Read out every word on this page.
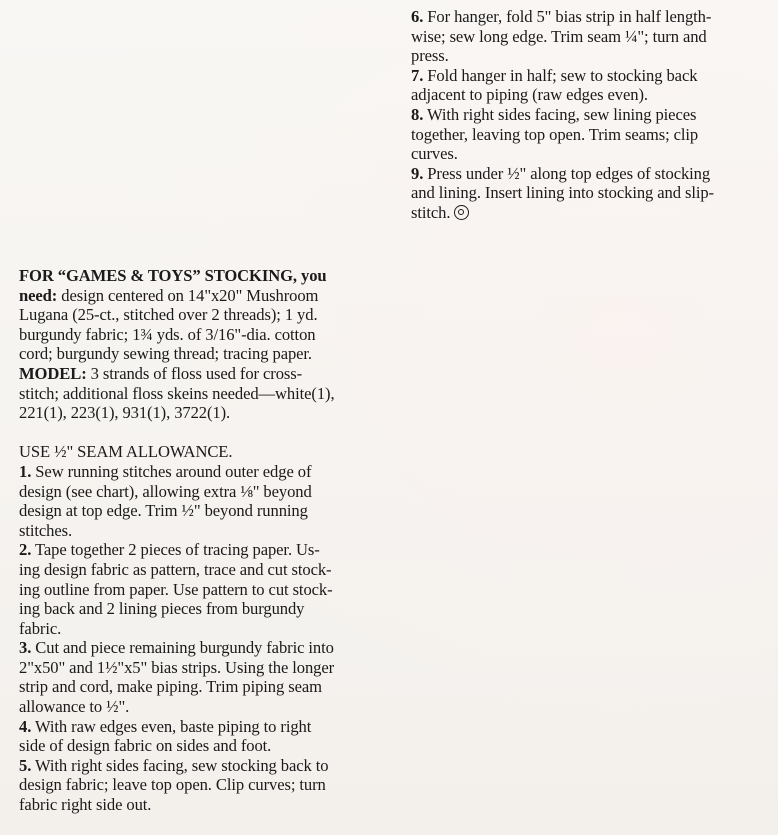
6. For hanger, fold 5" bias strip in half length-
wise; sew long edge. Trim seam ¼"; turn and
press.
7. Fold hanger in half; sew to stocking back
adjacent to piping (raw edges even).
8. With right sides facing, sew lining pieces
together, leaving top open. Trim seams; clip
curves.
9. Press under ½" along top edges of stocking
and lining. Insert lining into stocking and slip-
stitch.
FOR “GAMES & TOYS” STOCKING, you
need: design centered on 14"x20" Mushroom
Lugana (25-ct., stitched over 2 threads); 1 yd.
burgundy fabric; 1¾ yds. of 3/16"-dia. cotton
cord; burgundy sewing thread; tracing paper.
MODEL: 3 strands of floss used for cross-
stitch; additional floss skeins needed—white(1),
221(1), 223(1), 931(1), 3722(1).
USE ½" SEAM ALLOWANCE.
1. Sew running stitches around outer edge of
design (see chart), allowing extra ⅛" beyond
design at top edge. Trim ½" beyond running
stitches.
2. Tape together 2 pieces of tracing paper. Us-
ing design fabric as pattern, trace and cut stock-
ing outline from paper. Use pattern to cut stock-
ing back and 2 lining pieces from burgundy
fabric.
3. Cut and piece remaining burgundy fabric into
2"x50" and 1½"x5" bias strips. Using the longer
strip and cord, make piping. Trim piping seam
allowance to ½".
4. With raw edges even, baste piping to right
side of design fabric on sides and foot.
5. With right sides facing, sew stocking back to
design fabric; leave top open. Clip curves; turn
fabric right side out.
